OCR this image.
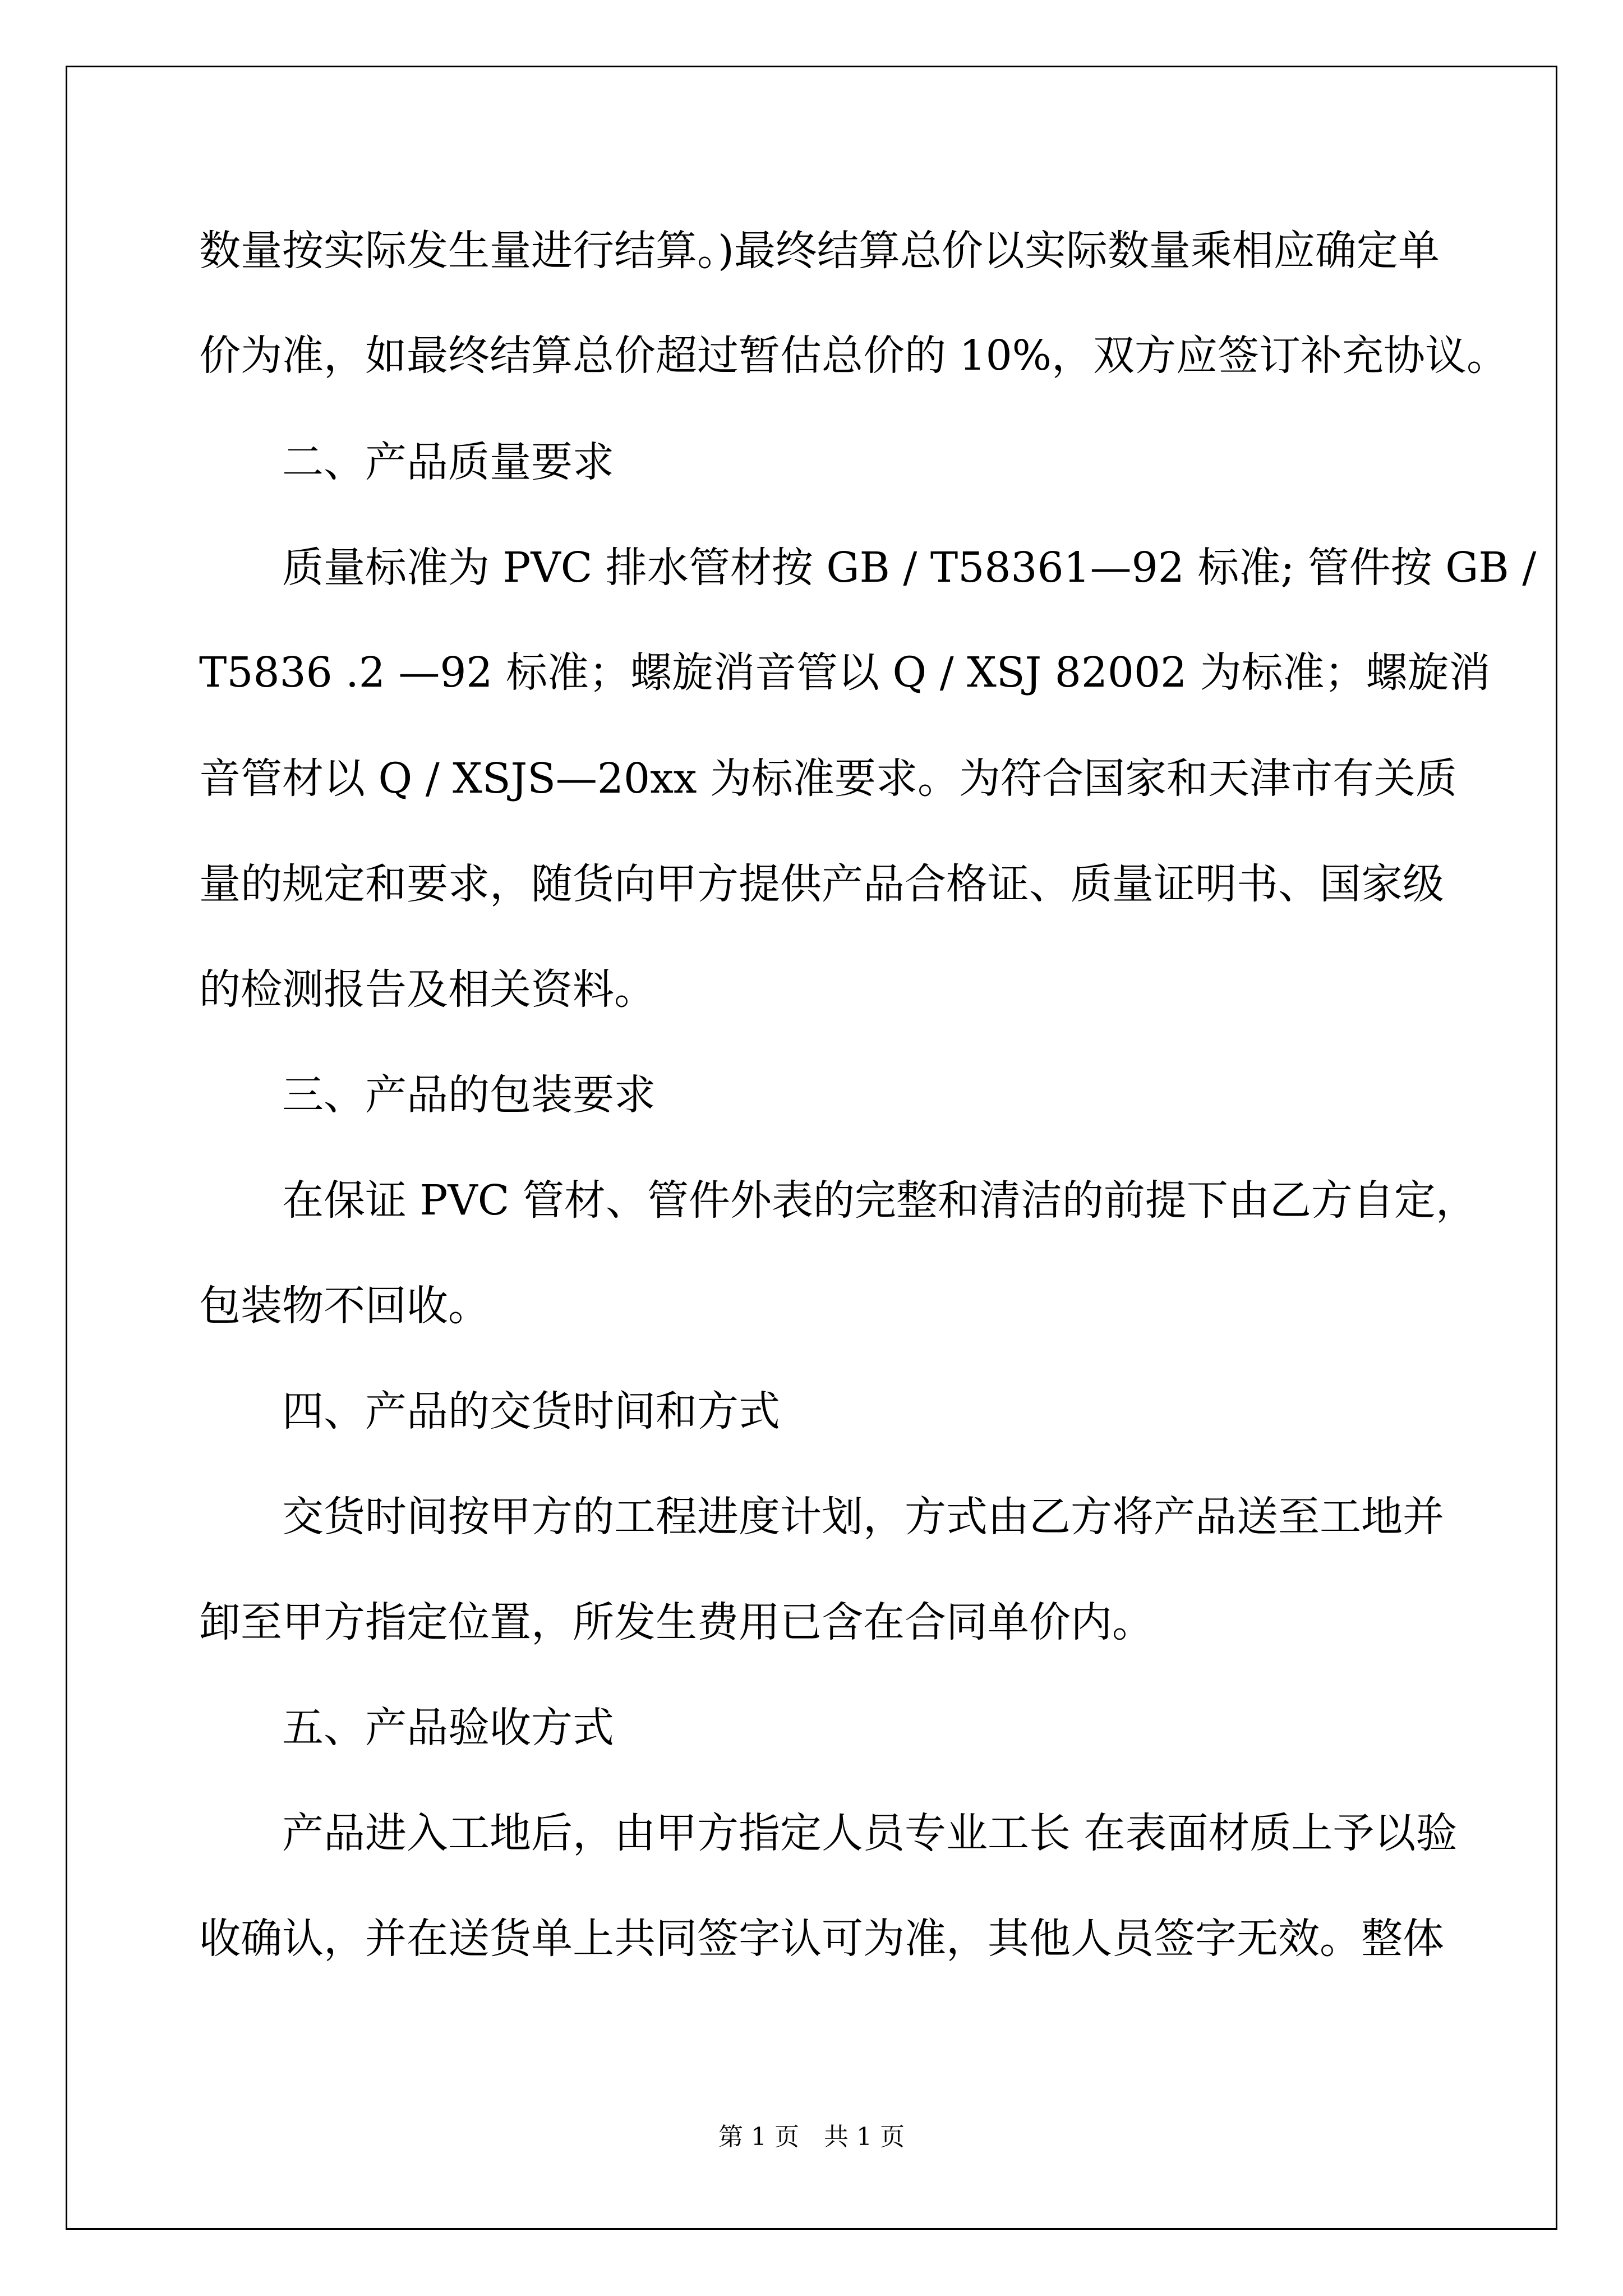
数量按实际发生量进行结算。)最终结算总价以实际数量乘相应确定单
价为准，如最终结算总价超过暂估总价的 10%，双方应签订补充协议。
二、产品质量要求
质量标准为 PVC 排水管材按 GB / T58361—92 标准; 管件按 GB /
T5836 .2 —92 标准；螺旋消音管以 Q / XSJ 82002 为标准；螺旋消
音管材以 Q / XSJS—20xx 为标准要求。为符合国家和天津市有关质
量的规定和要求，随货向甲方提供产品合格证、质量证明书、国家级
的检测报告及相关资料。
三、产品的包装要求
在保证 PVC 管材、管件外表的完整和清洁的前提下由乙方自定，
包装物不回收。
四、产品的交货时间和方式
交货时间按甲方的工程进度计划，方式由乙方将产品送至工地并
卸至甲方指定位置，所发生费用已含在合同单价内。
五、产品验收方式
产品进入工地后，由甲方指定人员专业工长 在表面材质上予以验
收确认，并在送货单上共同签字认可为准，其他人员签字无效。整体
第 1 页　共 1 页
